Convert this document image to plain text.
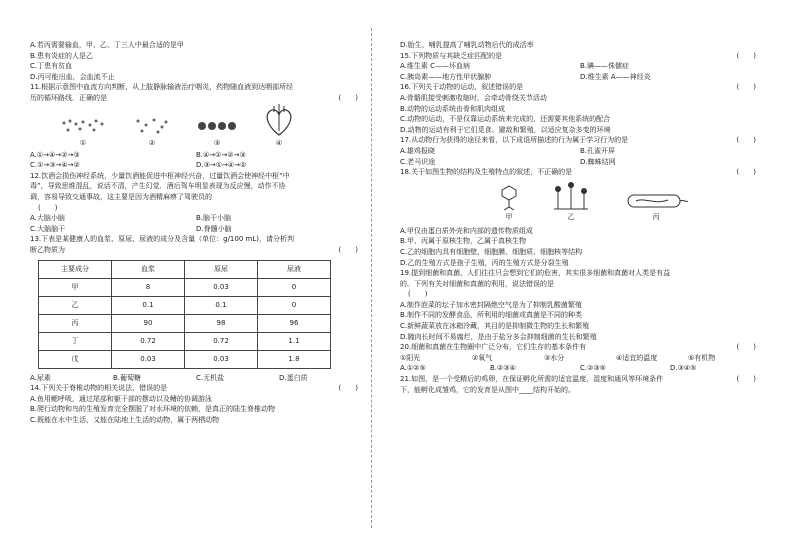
A.若丙需要输血，甲、乙、丁三人中最合适的是甲
B.患有炎症的人是乙
C.丁患有贫血
D.丙可能出血，会血流不止
11.根据示意图中血流方向判断，从上肢静脉输液治疗咽炎，药物随血液到达咽部所经
历的循环路线．正确的是	(　　)
①	②	③	④
A.①→④→②→③	B.④→①→②→③
C.①→③→④→②	D.③→①→④→②
12.饮酒会损伤神经系统，少量饮酒能促进中枢神经兴奋，过量饮酒会使神经中枢“中
毒”，导致思维混乱，说话不清，产生幻觉．酒后驾车明显表现为反应慢，动作不协
调，容易导致交通事故，这主要是因为酒精麻痹了驾驶员的
(　　)
A.大脑小脑	B.脑干小脑
C.大脑脑干	D.脊髓小脑
13.下表是某健康人的血浆、原尿、尿液的成分及含量（单位：g/100 mL)，请分析判
断乙物质为	(　　)
主要成分	血浆	原尿	尿液
甲	8	0.03	0
乙	0.1	0.1	0
丙	90	98	96
丁	0.72	0.72	1.1
戊	0.03	0.03	1.8
A.尿素	B.葡萄糖	C.无机盐	D.蛋白质
14.下列关于脊椎动物的相关说法，错误的是	(　　)
A.鱼用鳃呼吸，通过尾部和躯干部的摆动以及鳍的协调游泳
B.爬行动物和鸟的生殖发育完全摆脱了对水环境的依赖，是真正的陆生脊椎动物
C.既能在水中生活，又能在陆地上生活的动物，属于两栖动物
D.胎生、哺乳提高了哺乳动物后代的成活率
15.下列物质与其缺乏症匹配的是	(　　)
A.维生素 C——坏血病	B.碘——侏儒症
C.胰岛素——地方性甲状腺肿	D.维生素 A——神经炎
16.下列关于动物的运动，叙述错误的是	(　　)
A.骨骼肌接受刺激收缩时，会牵动骨绕关节活动
B.动物的运动系统由骨和肌肉组成
C.动物的运动，不是仅靠运动系统来完成的，还需要其他系统的配合
D.动物的运动有利于它们觅食、避敌和繁殖，以适应复杂多变的环境
17.从动物行为获得的途径来看，以下成语所描述的行为属于学习行为的是	(　　)
A.雄鸡报晓	B.孔雀开屏
C.老马识途	D.蜘蛛结网
18.关于如图生物的结构及生殖特点的叙述，不正确的是	(　　)
甲	乙	丙
A.甲仅由蛋白质外壳和内部的遗传物质组成
B.甲、丙属于原核生物，乙属于真核生物
C.乙的细胞内具有细胞壁、细胞膜、细胞质、细胞核等结构
D.乙的生殖方式是孢子生殖，丙的生殖方式是分裂生殖
19.提到细菌和真菌，人们往往只会想到它们的危害，其实很多细菌和真菌对人类是有益
的。下列有关对细菌和真菌的利用，说法错误的是
(　　)
A.制作泡菜的坛子加水密封隔绝空气是为了抑制乳酸菌繁殖
B.制作不同的发酵食品，所利用的细菌或真菌是不同的种类
C.新鲜蔬菜放在冰箱冷藏，其目的是抑制微生物的生长和繁殖
D.腌肉长时间不易腐烂，是由于盐分多会抑制细菌的生长和繁殖
20.细菌和真菌在生物圈中广泛分布，它们生存的基本条件有	(　　)
①阳光	②氧气	③水分	④适宜的温度	⑤有机物
A.①②⑤	B.②③④	C.②③⑤	D.③④⑤
21.如图，是一个受精后的鸡卵，在保证孵化所需的适宜温度、湿度和通风等环境条件	(　　)
下，能孵化成雏鸡，它的发育是从图中____结构开始的。
